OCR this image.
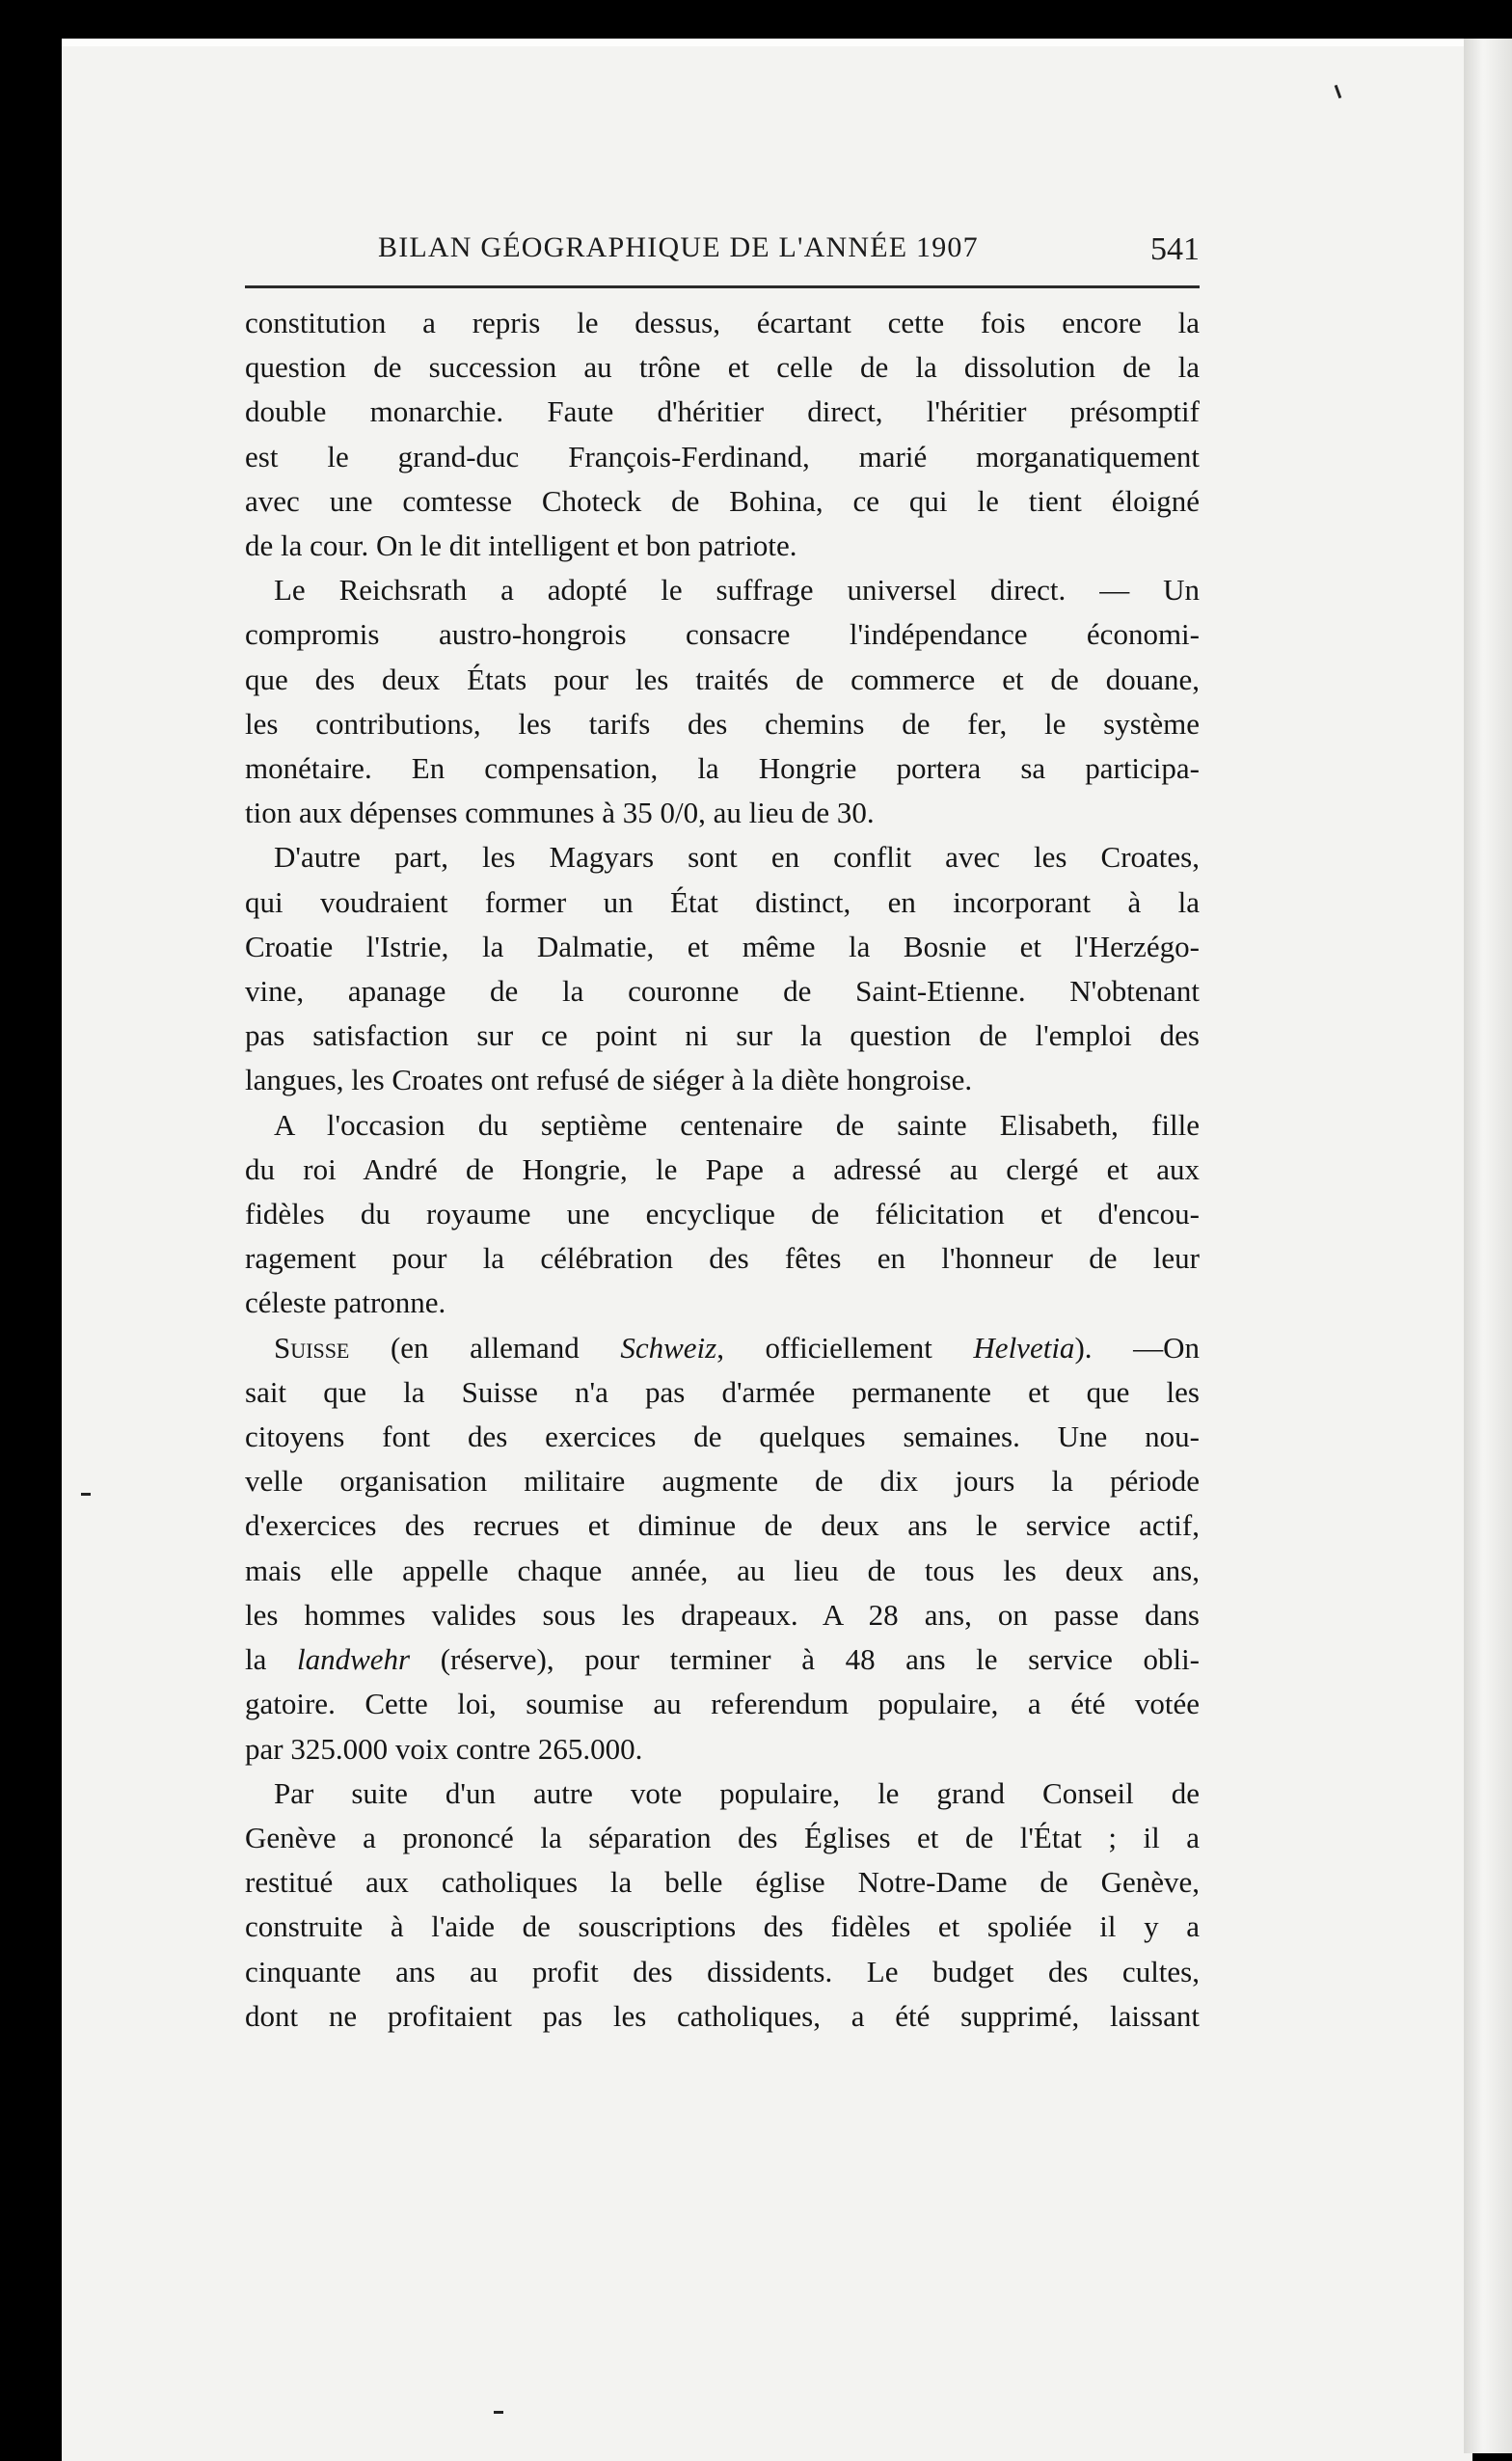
BILAN GÉOGRAPHIQUE DE L'ANNÉE 1907	541

constitution a repris le dessus, écartant cette fois encore la

question de succession au trône et celle de la dissolution de la

double monarchie. Faute d'héritier direct, l'héritier présomptif

est le grand-duc François-Ferdinand, marié morganatiquement

avec une comtesse Choteck de Bohina, ce qui le tient éloigné

de la cour. On le dit intelligent et bon patriote.

Le Reichsrath a adopté le suffrage universel direct. — Un

compromis austro-hongrois consacre l'indépendance économi-

que des deux États pour les traités de commerce et de douane,

les contributions, les tarifs des chemins de fer, le système

monétaire. En compensation, la Hongrie portera sa participa-

tion aux dépenses communes à 35 0/0, au lieu de 30.

D'autre part, les Magyars sont en conflit avec les Croates,

qui voudraient former un État distinct, en incorporant à la

Croatie l'Istrie, la Dalmatie, et même la Bosnie et l'Herzégo-

vine, apanage de la couronne de Saint-Etienne. N'obtenant

pas satisfaction sur ce point ni sur la question de l'emploi des

langues, les Croates ont refusé de siéger à la diète hongroise.

A l'occasion du septième centenaire de sainte Elisabeth, fille

du roi André de Hongrie, le Pape a adressé au clergé et aux

fidèles du royaume une encyclique de félicitation et d'encou-

ragement pour la célébration des fêtes en l'honneur de leur

céleste patronne.

Suisse (en allemand Schweiz, officiellement Helvetia). —On

sait que la Suisse n'a pas d'armée permanente et que les

citoyens font des exercices de quelques semaines. Une nou-

velle organisation militaire augmente de dix jours la période

d'exercices des recrues et diminue de deux ans le service actif,

mais elle appelle chaque année, au lieu de tous les deux ans,

les hommes valides sous les drapeaux. A 28 ans, on passe dans

la landwehr (réserve), pour terminer à 48 ans le service obli-

gatoire. Cette loi, soumise au referendum populaire, a été votée

par 325.000 voix contre 265.000.

Par suite d'un autre vote populaire, le grand Conseil de

Genève a prononcé la séparation des Églises et de l'État ; il a

restitué aux catholiques la belle église Notre-Dame de Genève,

construite à l'aide de souscriptions des fidèles et spoliée il y a

cinquante ans au profit des dissidents. Le budget des cultes,

dont ne profitaient pas les catholiques, a été supprimé, laissant
